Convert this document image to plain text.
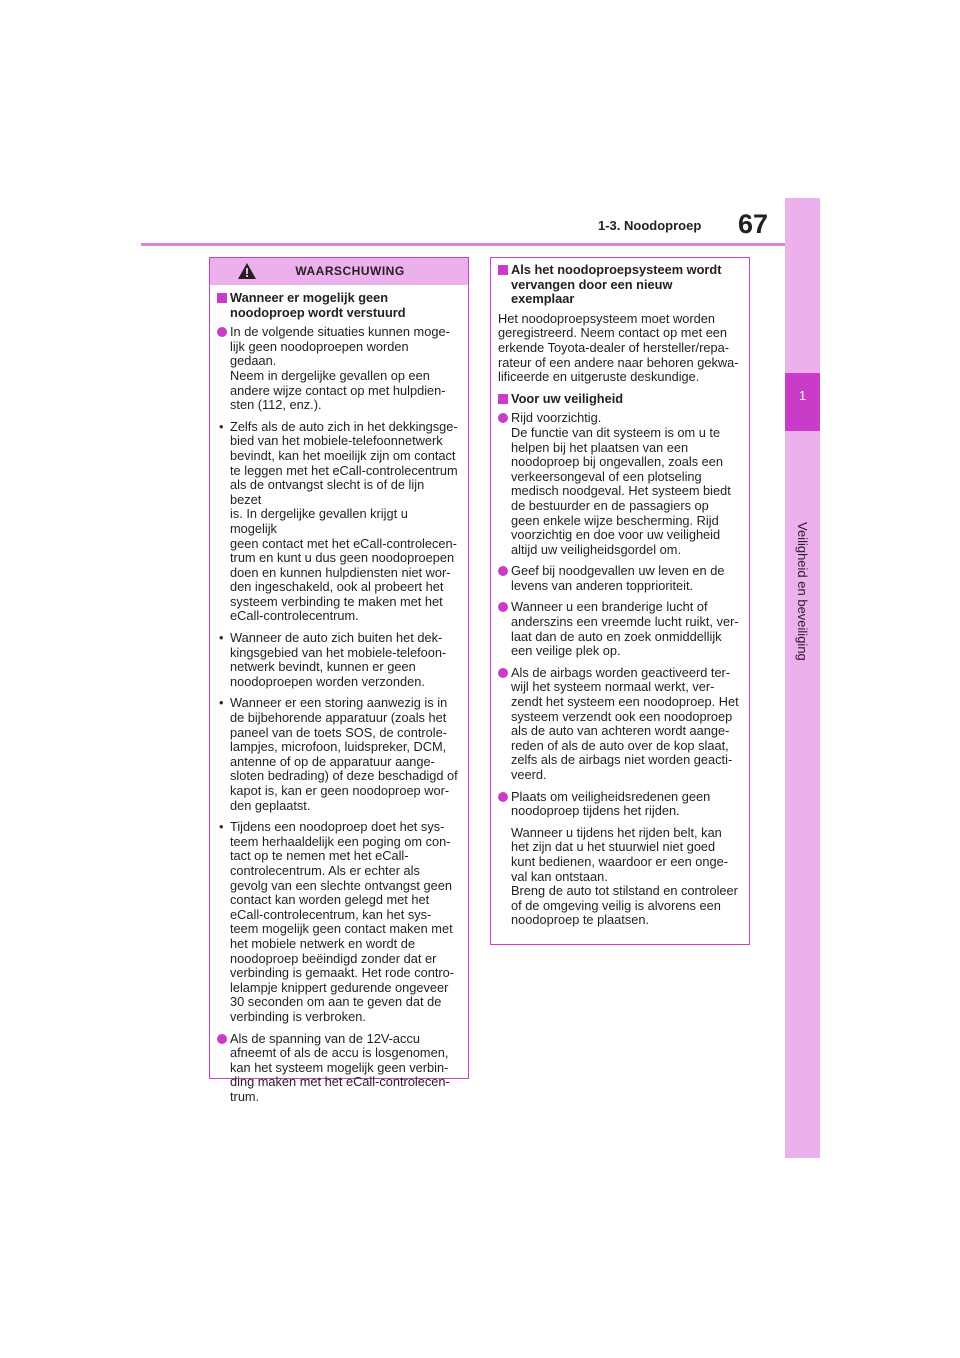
1
Veiligheid en beveiliging
1-3. Noodoproep 67
WAARSCHUWING
Wanneer er mogelijk geen
noodoproep wordt verstuurd
In de volgende situaties kunnen moge-
lijk geen noodoproepen worden gedaan.
Neem in dergelijke gevallen op een
andere wijze contact op met hulpdien-
sten (112, enz.).
• Zelfs als de auto zich in het dekkingsge-
bied van het mobiele-telefoonnetwerk
bevindt, kan het moeilijk zijn om contact
te leggen met het eCall-controlecentrum
als de ontvangst slecht is of de lijn bezet
is. In dergelijke gevallen krijgt u mogelijk
geen contact met het eCall-controlecen-
trum en kunt u dus geen noodoproepen
doen en kunnen hulpdiensten niet wor-
den ingeschakeld, ook al probeert het
systeem verbinding te maken met het
eCall-controlecentrum.
• Wanneer de auto zich buiten het dek-
kingsgebied van het mobiele-telefoon-
netwerk bevindt, kunnen er geen
noodoproepen worden verzonden.
• Wanneer er een storing aanwezig is in
de bijbehorende apparatuur (zoals het
paneel van de toets SOS, de controle-
lampjes, microfoon, luidspreker, DCM,
antenne of op de apparatuur aange-
sloten bedrading) of deze beschadigd of
kapot is, kan er geen noodoproep wor-
den geplaatst.
• Tijdens een noodoproep doet het sys-
teem herhaaldelijk een poging om con-
tact op te nemen met het eCall-
controlecentrum. Als er echter als
gevolg van een slechte ontvangst geen
contact kan worden gelegd met het
eCall-controlecentrum, kan het sys-
teem mogelijk geen contact maken met
het mobiele netwerk en wordt de
noodoproep beëindigd zonder dat er
verbinding is gemaakt. Het rode contro-
lelampje knippert gedurende ongeveer
30 seconden om aan te geven dat de
verbinding is verbroken.
Als de spanning van de 12V-accu
afneemt of als de accu is losgenomen,
kan het systeem mogelijk geen verbin-
ding maken met het eCall-controlecen-
trum.
Als het noodoproepsysteem wordt
vervangen door een nieuw exemplaar

Het noodoproepsysteem moet worden
geregistreerd. Neem contact op met een
erkende Toyota-dealer of hersteller/repa-
rateur of een andere naar behoren gekwa-
lificeerde en uitgeruste deskundige.

Voor uw veiligheid
Rijd voorzichtig.
De functie van dit systeem is om u te
helpen bij het plaatsen van een
noodoproep bij ongevallen, zoals een
verkeersongeval of een plotseling
medisch noodgeval. Het systeem biedt
de bestuurder en de passagiers op
geen enkele wijze bescherming. Rijd
voorzichtig en doe voor uw veiligheid
altijd uw veiligheidsgordel om.
Geef bij noodgevallen uw leven en de
levens van anderen topprioriteit.
Wanneer u een branderige lucht of
anderszins een vreemde lucht ruikt, ver-
laat dan de auto en zoek onmiddellijk
een veilige plek op.
Als de airbags worden geactiveerd ter-
wijl het systeem normaal werkt, ver-
zendt het systeem een noodoproep. Het
systeem verzendt ook een noodoproep
als de auto van achteren wordt aange-
reden of als de auto over de kop slaat,
zelfs als de airbags niet worden geacti-
veerd.
Plaats om veiligheidsredenen geen
noodoproep tijdens het rijden.

Wanneer u tijdens het rijden belt, kan
het zijn dat u het stuurwiel niet goed
kunt bedienen, waardoor er een onge-
val kan ontstaan.
Breng de auto tot stilstand en controleer
of de omgeving veilig is alvorens een
noodoproep te plaatsen.
